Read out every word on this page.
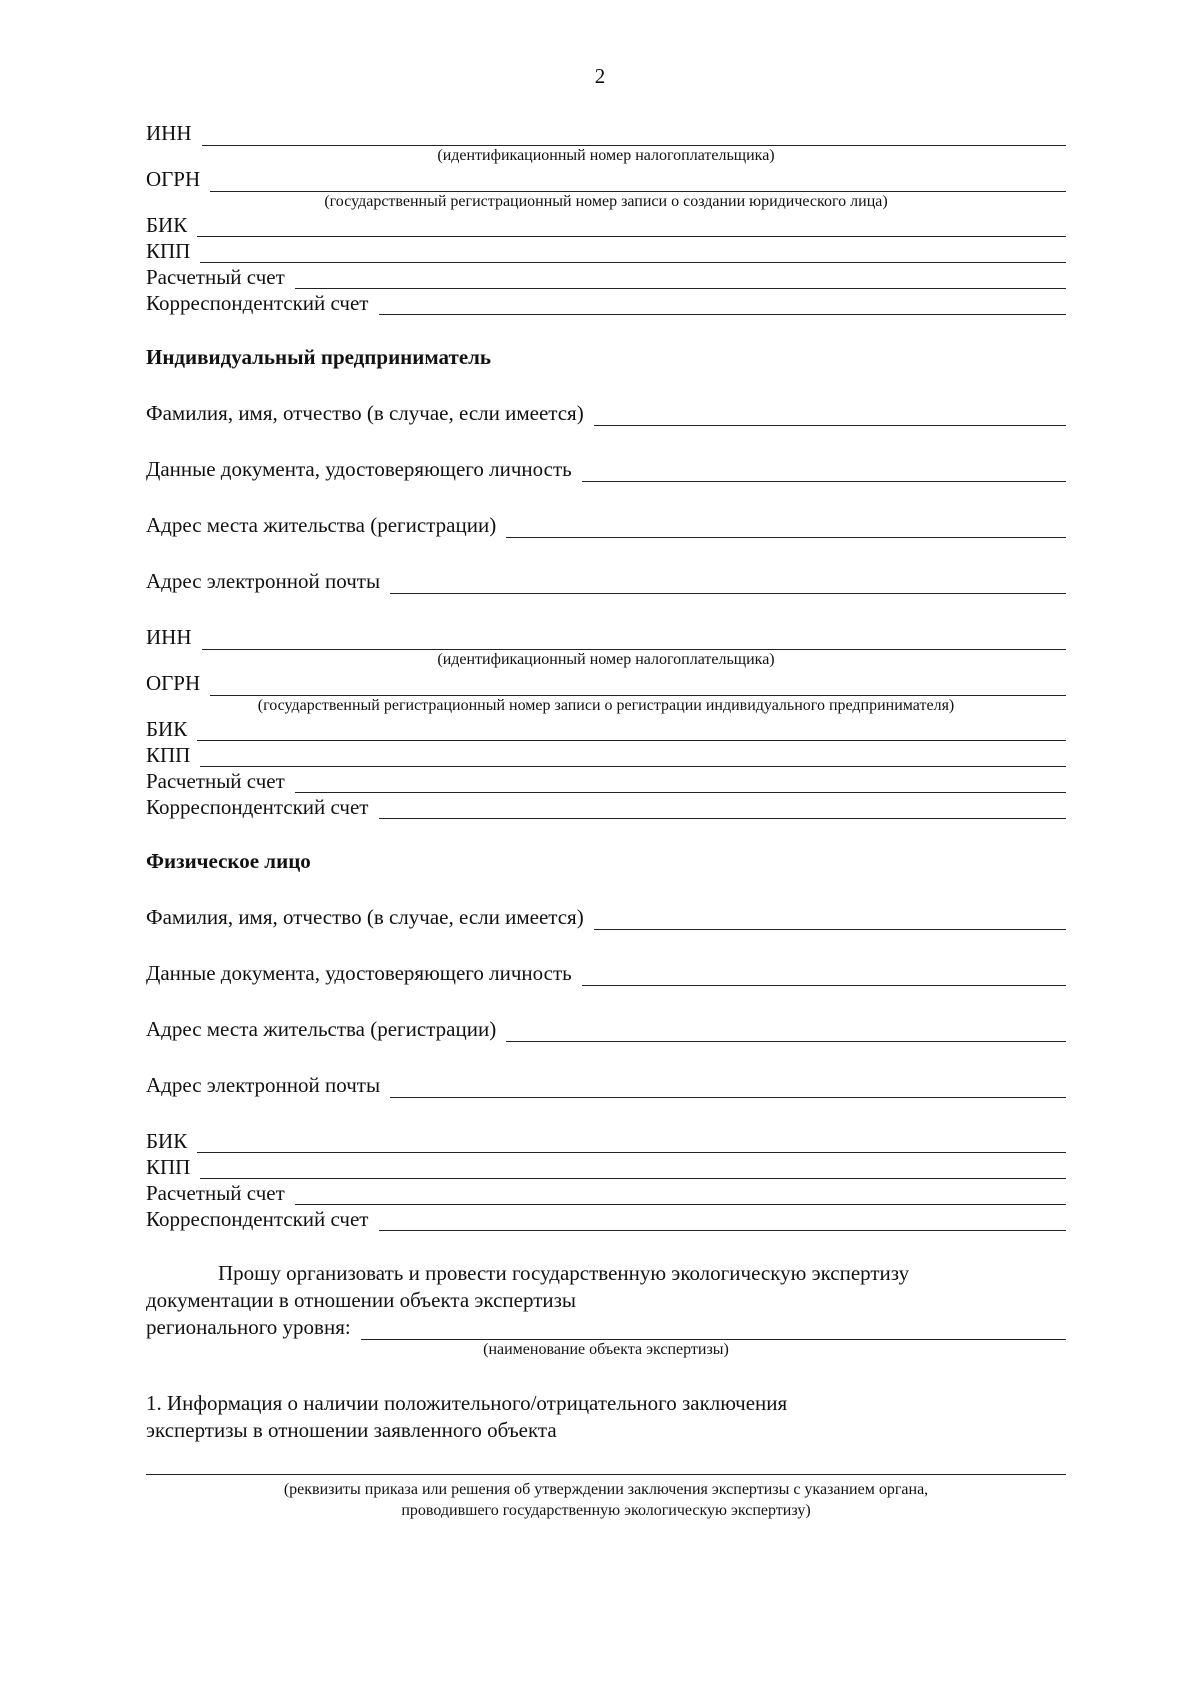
2
ИНН
(идентификационный номер налогоплательщика)
ОГРН
(государственный регистрационный номер записи о создании юридического лица)
БИК
КПП
Расчетный счет
Корреспондентский счет
Индивидуальный предприниматель
Фамилия, имя, отчество (в случае, если имеется)
Данные документа, удостоверяющего личность
Адрес места жительства (регистрации)
Адрес электронной почты
ИНН
(идентификационный номер налогоплательщика)
ОГРН
(государственный регистрационный номер записи о регистрации индивидуального предпринимателя)
БИК
КПП
Расчетный счет
Корреспондентский счет
Физическое лицо
Фамилия, имя, отчество (в случае, если имеется)
Данные документа, удостоверяющего личность
Адрес места жительства (регистрации)
Адрес электронной почты
БИК
КПП
Расчетный счет
Корреспондентский счет
Прошу организовать и провести государственную экологическую экспертизу
документации в отношении объекта экспертизы
регионального уровня:
(наименование объекта экспертизы)
1. Информация о наличии положительного/отрицательного заключения
экспертизы в отношении заявленного объекта
(реквизиты приказа или решения об утверждении заключения экспертизы с указанием органа,
проводившего государственную экологическую экспертизу)
